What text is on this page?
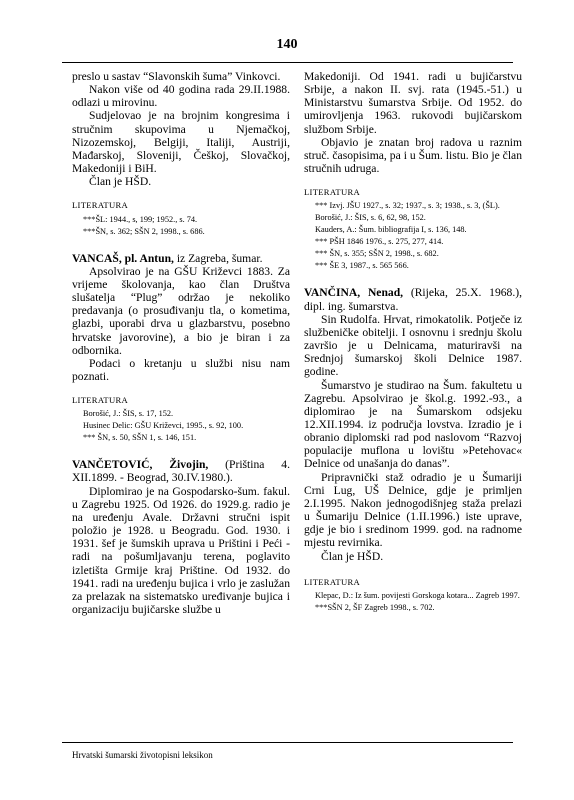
140

preslo u sastav “Slavonskih šuma” Vinkovci.

Nakon više od 40 godina rada 29.II.1988. odlazi u mirovinu.

Sudjelovao je na brojnim kongresima i stručnim skupovima u Njemačkoj, Nizozemskoj, Belgiji, Italiji, Austriji, Mađarskoj, Sloveniji, Češkoj, Slovačkoj, Makedoniji i BiH.

Član je HŠD.

LITERATURA

***ŠL: 1944., s, 199; 1952., s. 74.

***ŠN, s. 362; SŠN 2, 1998., s. 686.

VANCAŠ, pl. Antun, iz Zagreba, šumar.

Apsolvirao je na GŠU Križevci 1883. Za vrijeme školovanja, kao član Društva slušatelja “Plug” održao je nekoliko predavanja (o prosuđivanju tla, o kometima, glazbi, uporabi drva u glazbarstvu, posebno hrvatske javorovine), a bio je biran i za odbornika.

Podaci o kretanju u službi nisu nam poznati.

LITERATURA

Borošić, J.: ŠIS, s. 17, 152.

Husinec Delic: GŠU Križevci, 1995., s. 92, 100.

*** ŠN, s. 50, SŠN 1, s. 146, 151.

VANČETOVIĆ, Živojin, (Priština 4. XII.1899. - Beograd, 30.IV.1980.).

Diplomirao je na Gospodarsko-šum. fakul. u Zagrebu 1925. Od 1926. do 1929.g. radio je na uređenju Avale. Državni stručni ispit položio je 1928. u Beogradu. God. 1930. i 1931. šef je šumskih uprava u Prištini i Peći - radi na pošumljavanju terena, poglavito izletišta Grmije kraj Prištine. Od 1932. do 1941. radi na uređenju bujica i vrlo je zaslužan za prelazak na sistematsko uređivanje bujica i organizaciju bujičarske službe u

Makedoniji. Od 1941. radi u bujičarstvu Srbije, a nakon II. svj. rata (1945.-51.) u Ministarstvu šumarstva Srbije. Od 1952. do umirovljenja 1963. rukovodi bujičarskom službom Srbije.

Objavio je znatan broj radova u raznim struč. časopisima, pa i u Šum. listu. Bio je član stručnih udruga.

LITERATURA

*** Izvj. JŠU 1927., s. 32; 1937., s. 3; 1938., s. 3, (ŠL).

Borošić, J.: ŠIS, s. 6, 62, 98, 152.

Kauders, A.: Šum. bibliografija I, s. 136, 148.

*** PŠH 1846 1976., s. 275, 277, 414.

*** ŠN, s. 355; SŠN 2, 1998., s. 682.

*** ŠE 3, 1987., s. 565 566.

VANČINA, Nenad, (Rijeka, 25.X. 1968.), dipl. ing. šumarstva.

Sin Rudolfa. Hrvat, rimokatolik. Potječe iz službeničke obitelji. I osnovnu i srednju školu završio je u Delnicama, maturiravši na Srednjoj šumarskoj školi Delnice 1987. godine.

Šumarstvo je studirao na Šum. fakultetu u Zagrebu. Apsolvirao je škol.g. 1992.-93., a diplomirao je na Šumarskom odsjeku 12.XII.1994. iz područja lovstva. Izradio je i obranio diplomski rad pod naslovom “Razvoj populacije muflona u lovištu »Petehovac« Delnice od unašanja do danas”.

Pripravnički staž odradio je u Šumariji Crni Lug, UŠ Delnice, gdje je primljen 2.I.1995. Nakon jednogodišnjeg staža prelazi u Šumariju Delnice (1.II.1996.) iste uprave, gdje je bio i sredinom 1999. god. na radnome mjestu revirnika.

Član je HŠD.

LITERATURA

Klepac, D.: Iz šum. povijesti Gorskoga kotara... Zagreb 1997.

***SŠN 2, ŠF Zagreb 1998., s. 702.

Hrvatski šumarski životopisni leksikon
